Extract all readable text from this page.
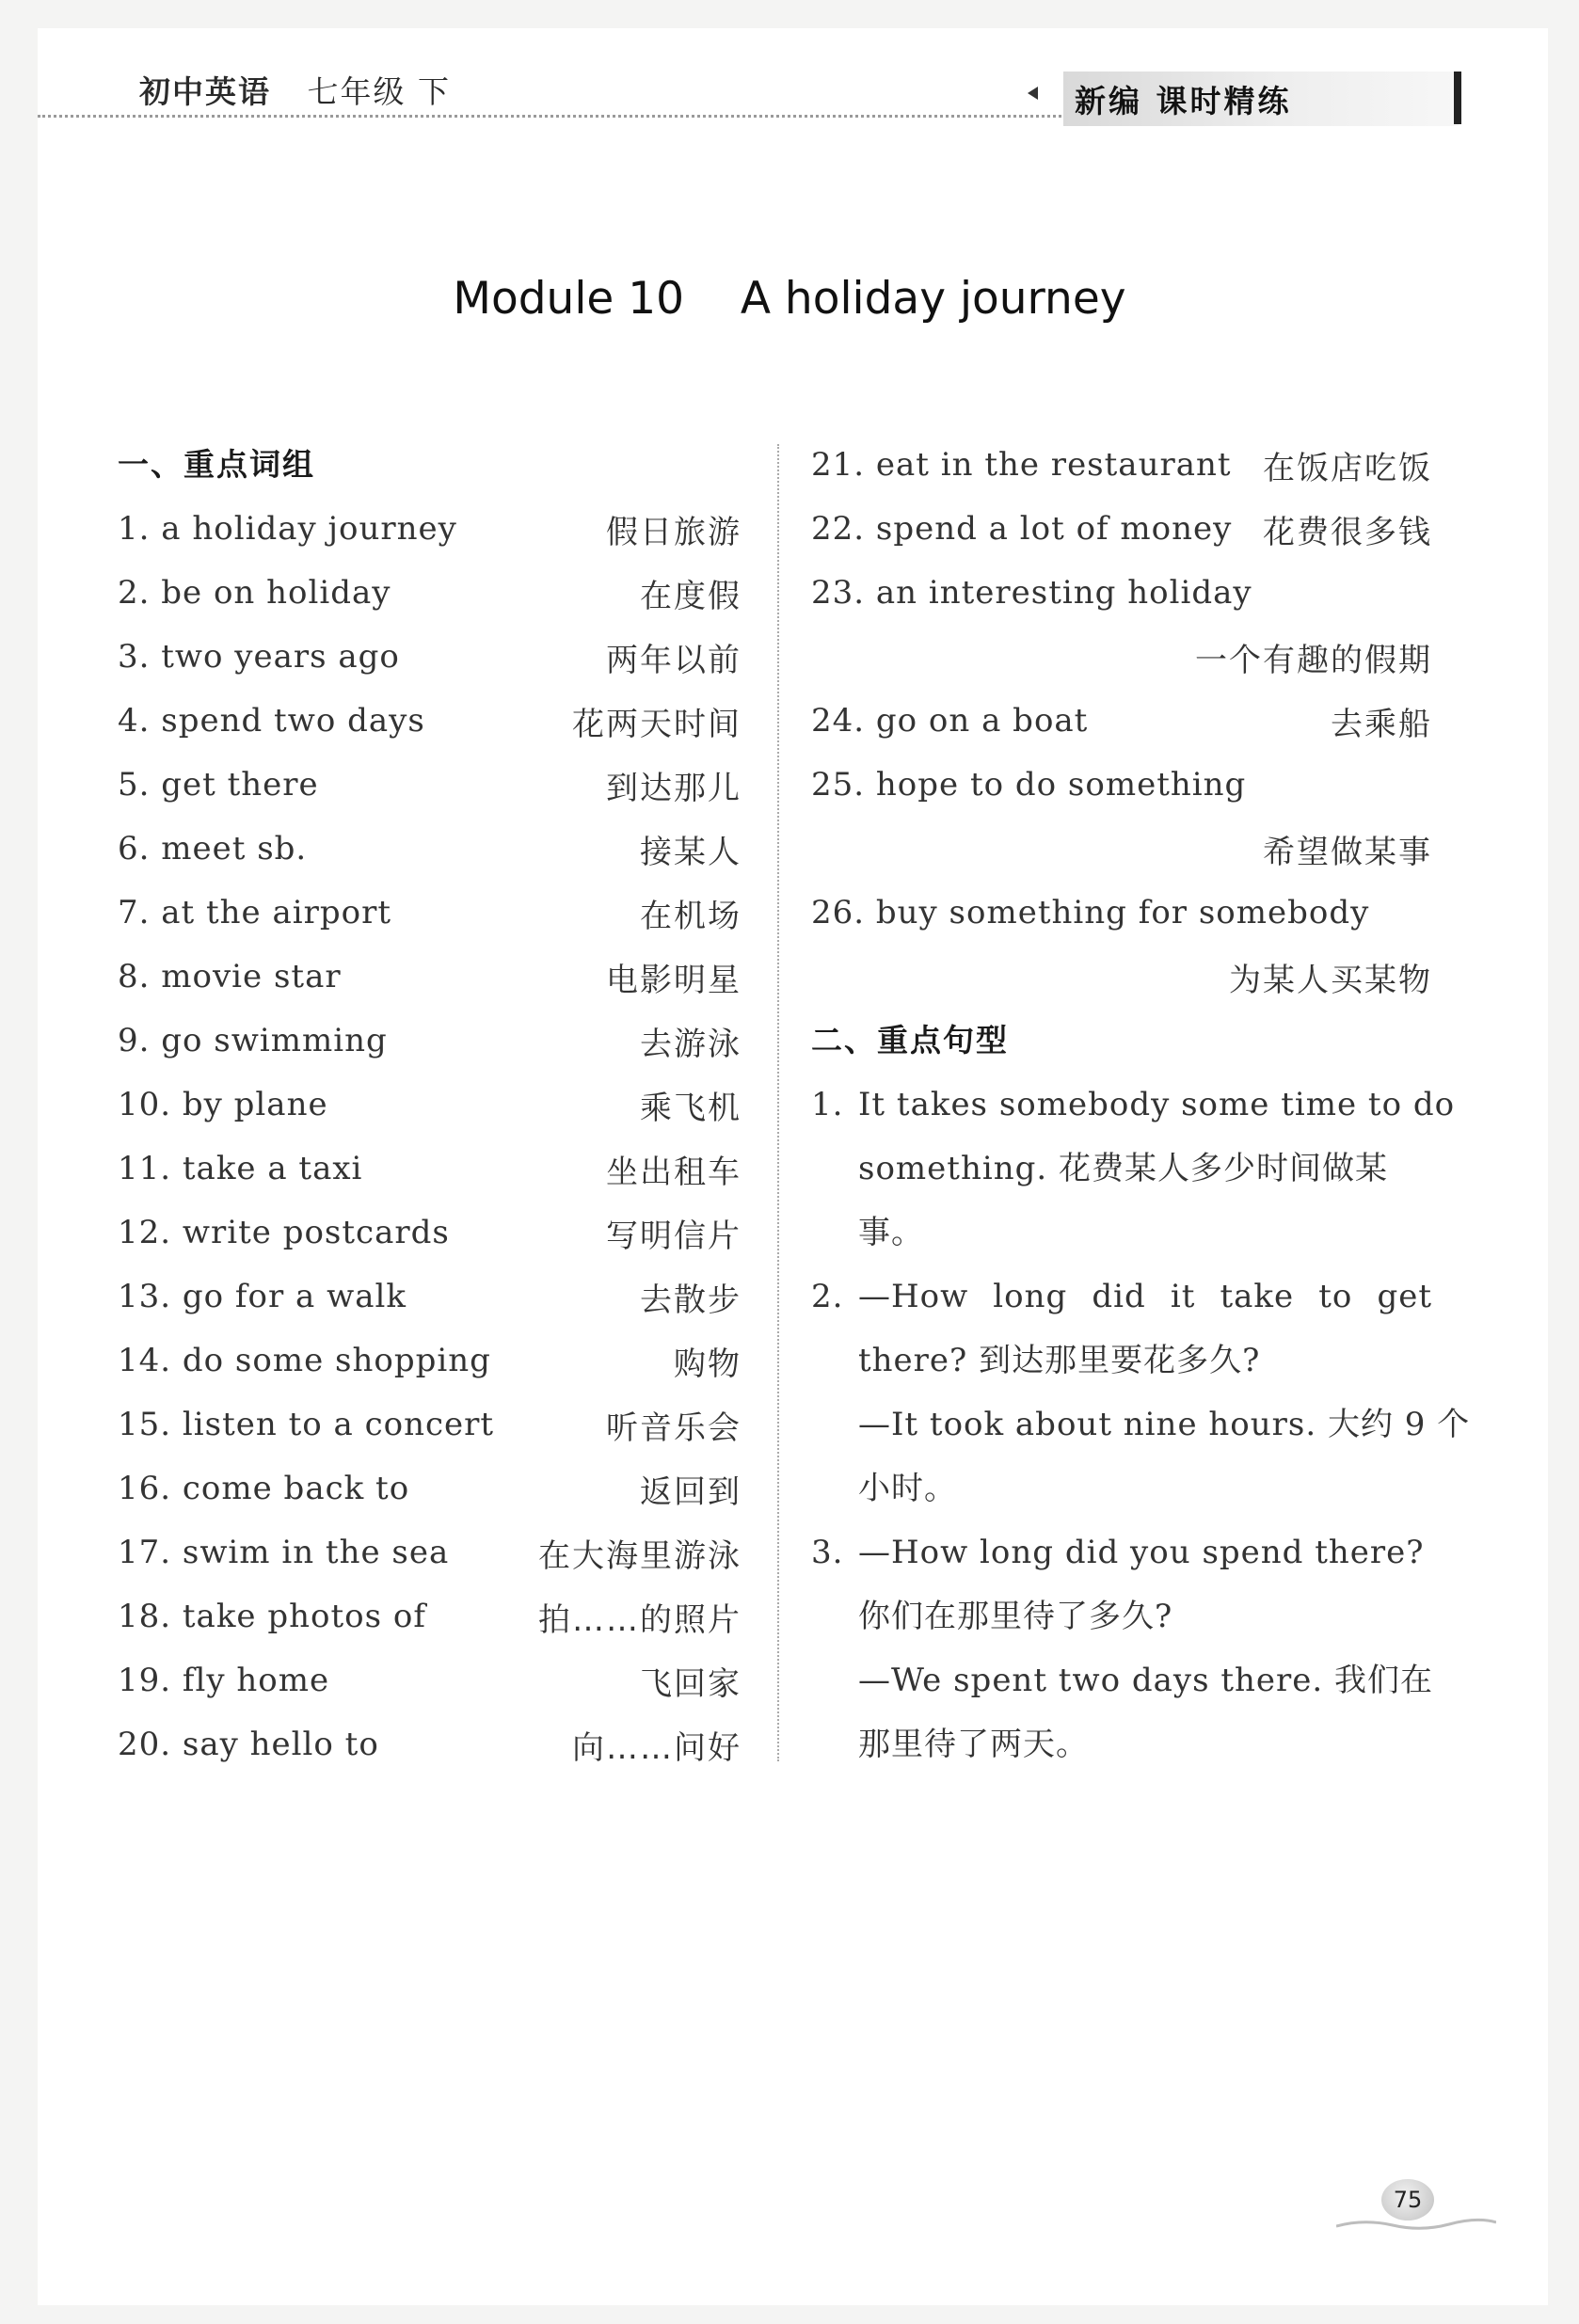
初中英语 七年级 下	新编 课时精练
Module 10    A holiday journey
一、重点词组
1. a holiday journey	假日旅游
2. be on holiday	在度假
3. two years ago	两年以前
4. spend two days	花两天时间
5. get there	到达那儿
6. meet sb.	接某人
7. at the airport	在机场
8. movie star	电影明星
9. go swimming	去游泳
10. by plane	乘飞机
11. take a taxi	坐出租车
12. write postcards	写明信片
13. go for a walk	去散步
14. do some shopping	购物
15. listen to a concert	听音乐会
16. come back to	返回到
17. swim in the sea	在大海里游泳
18. take photos of	拍……的照片
19. fly home	飞回家
20. say hello to	向……问好
21. eat in the restaurant 在饭店吃饭
22. spend a lot of money 花费很多钱
23. an interesting holiday
一个有趣的假期
24. go on a boat	去乘船
25. hope to do something
希望做某事
26. buy something for somebody
为某人买某物
二、重点句型
1. It takes somebody some time to do
something. 花费某人多少时间做某
事。
2. —How long did it take to get
there? 到达那里要花多久?
—It took about nine hours. 大约 9 个
小时。
3. —How long did you spend there?
你们在那里待了多久?
—We spent two days there. 我们在
那里待了两天。
75
